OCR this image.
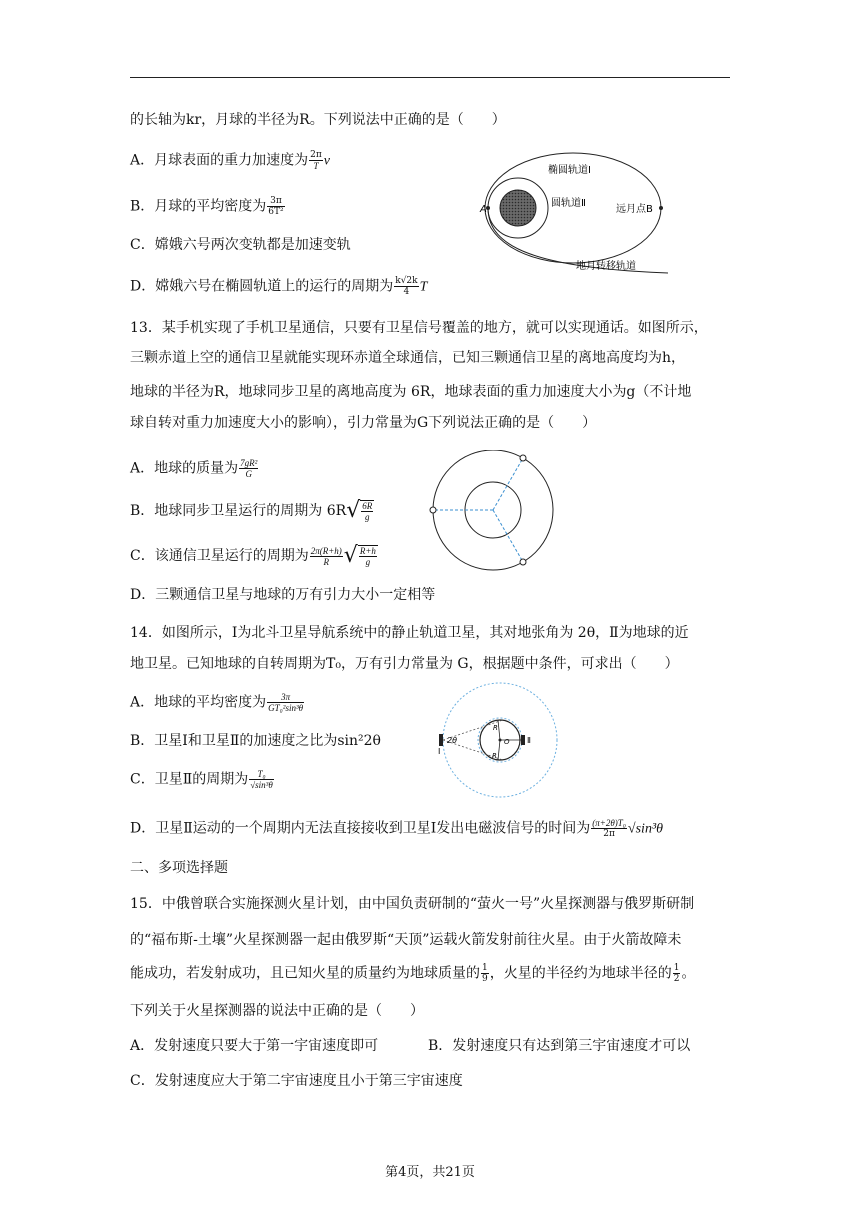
的长轴为kr，月球的半径为R。下列说法中正确的是（　　）
A．月球表面的重力加速度为 $\frac{2\pi}{T}$ v
B．月球的平均密度为 $\frac{3\pi}{\text{6T²}}$
C．嫦娥六号两次变轨都是加速变轨
D．嫦娥六号在椭圆轨道上的运行的周期为 $\frac{k√2k}{4}$ T
A
椭圆轨道Ⅰ
圆轨道Ⅱ
远月点B
地月转移轨道
13．某手机实现了手机卫星通信，只要有卫星信号覆盖的地方，就可以实现通话。如图所示，
三颗赤道上空的通信卫星就能实现环赤道全球通信，已知三颗通信卫星的离地高度均为h，
地球的半径为R，地球同步卫星的离地高度为 6R，地球表面的重力加速度大小为g（不计地
球自转对重力加速度大小的影响），引力常量为G下列说法正确的是（　　）
A．地球的质量为 $\frac{\text{7gR²}}{G}$
B．地球同步卫星运行的周期为 $6R√ \frac{6R}{g}$
C．该通信卫星运行的周期为 $\frac{2\pi(R+h)}{R}$ √ $\frac{R+h}{g}$
D．三颗通信卫星与地球的万有引力大小一定相等
14．如图所示，Ⅰ为北斗卫星导航系统中的静止轨道卫星，其对地张角为 2θ，Ⅱ为地球的近
地卫星。已知地球的自转周期为T₀，万有引力常量为 G，根据题中条件，可求出（　　）
A．地球的平均密度为 $\frac{3\pi}{\text{GT₀²sin³θ}}$
B．卫星Ⅰ和卫星Ⅱ的加速度之比为sin²2θ
C．卫星Ⅱ的周期为 $\frac{\text{T₀}}{\text{√sin³θ}}$
D．卫星Ⅱ运动的一个周期内无法直接接收到卫星Ⅰ发出电磁波信号的时间为 $\frac{\text{(π+2θ)T₀}}{2\pi} √\sin^3\theta$
2θ
Ⅰ
Ⅱ
R
R
O
二、多项选择题
15．中俄曾联合实施探测火星计划，由中国负责研制的“萤火一号”火星探测器与俄罗斯研制
的“福布斯-土壤”火星探测器一起由俄罗斯“天顶”运载火箭发射前往火星。由于火箭故障未
能成功，若发射成功，且已知火星的质量约为地球质量的 $\frac{1}{9}$ ，火星的半径约为地球半径的 $\frac{1}{2}$ 。
下列关于火星探测器的说法中正确的是（　　）
A．发射速度只要大于第一宇宙速度即可	B．发射速度只有达到第三宇宙速度才可以
C．发射速度应大于第二宇宙速度且小于第三宇宙速度
第4页，共21页
